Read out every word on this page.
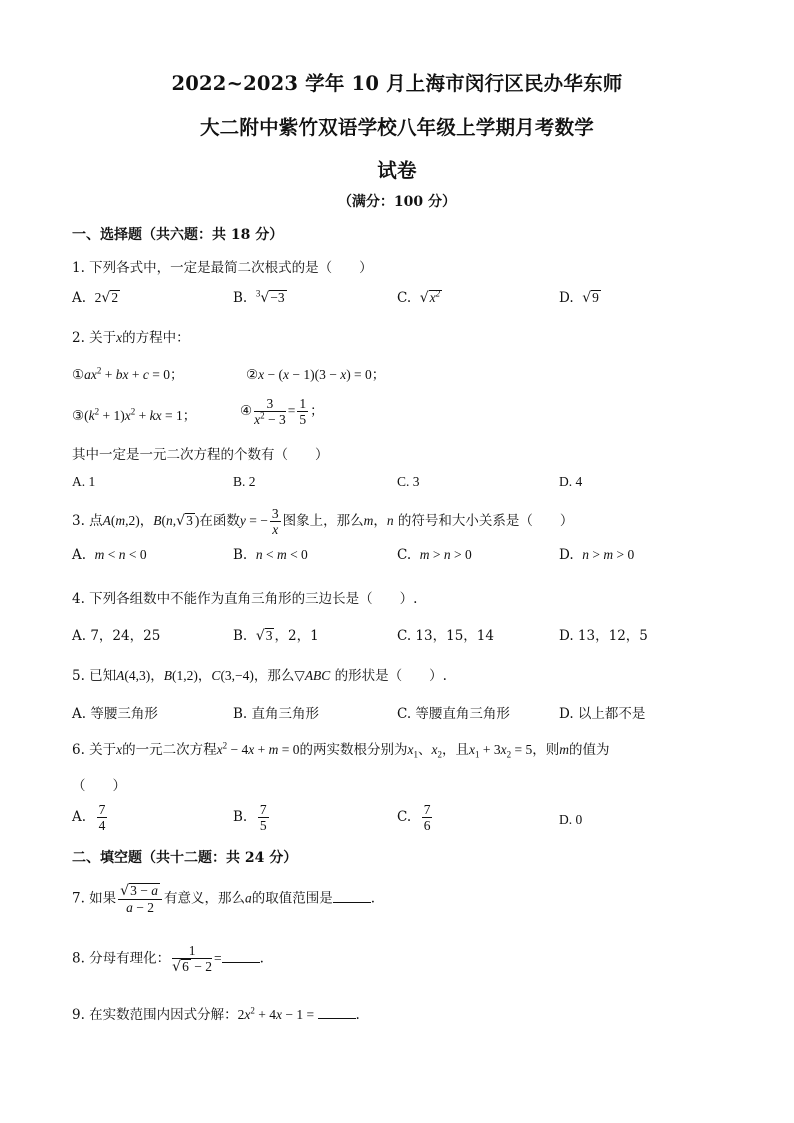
2022~2023 学年 10 月上海市闵行区民办华东师
大二附中紫竹双语学校八年级上学期月考数学
试卷
（满分：100 分）
一、选择题（共六题：共 18 分）
1. 下列各式中，一定是最简二次根式的是（　　）
A. 2√2	B. $^3$√−3	C. $√x^2$	D. √9
2. 关于x的方程中：
$①ax^2$ + bx + c = 0；	②x − (x − 1)(3 − x) = 0；
$③(k^2 + 1)x^2$ + kx = 1；	④ $\frac{3}{x^2 - 3} = \frac{1}{5}$ ；
其中一定是一元二次方程的个数有（　　）
A. 1	B. 2	C. 3	D. 4
3. 点A(m,2)，B(n,√3 )在函数y = − $\frac{3}{x}$ 图象上，那么m，n 的符号和大小关系是（　　）
A. m < n < 0	B. n < m < 0	C. m > n > 0	D. n > m > 0
4. 下列各组数中不能作为直角三角形的三边长是（　　）.
A. 7，24，25	B. √3 ，2，1	C. 13，15，14	D. 13，12，5
5. 已知A(4,3)，B(1,2)，C(3,−4)，那么▽ABC 的形状是（　　）.
A. 等腰三角形	B. 直角三角形	C. 等腰直角三角形	D. 以上都不是
6. 关于x的一元二次方程$x^2 - 4x + m = 0$的两实数根分别为$x_1$、$x_2$，且$x_1 + 3x_2 = 5$，则m的值为
（　　）
A. $\frac{7}{4}$	B. $\frac{7}{5}$	C. $\frac{7}{6}$	D. 0
二、填空题（共十二题：共 24 分）
7. 如果 $\frac{√3 - a}{a - 2}$ 有意义，那么a的取值范围是	.
8. 分母有理化： $\frac{1}{√6 - 2}$ =	.
9. 在实数范围内因式分解：$2x^2 + 4x - 1$ =	.
